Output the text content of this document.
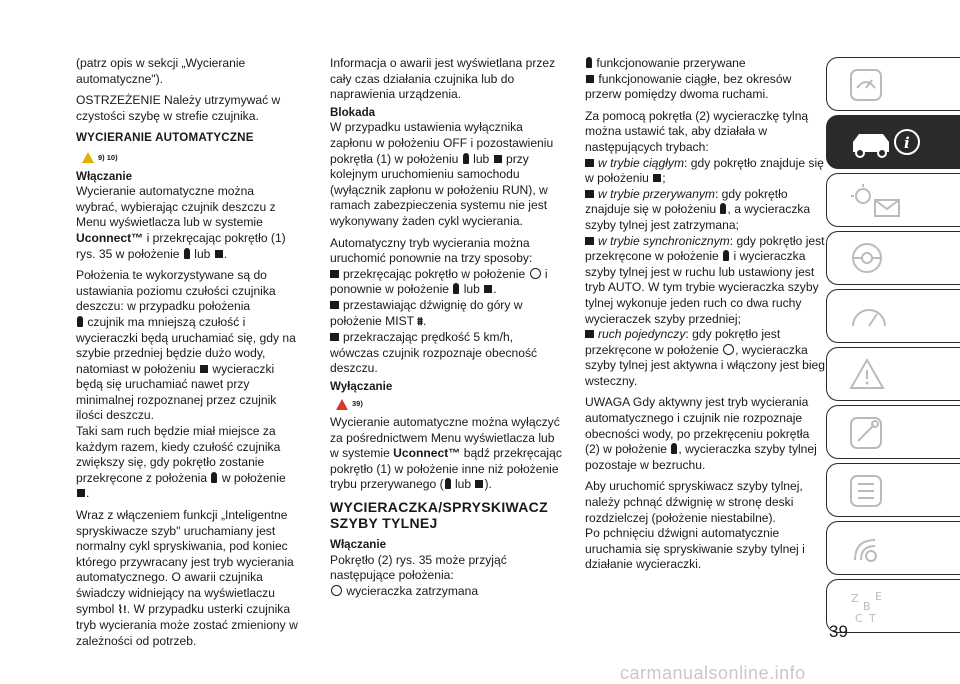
(patrz opis w sekcji „Wycieranie automatyczne").

OSTRZEŻENIE Należy utrzymywać w czystości szybę w strefie czujnika.

WYCIERANIE AUTOMATYCZNE
9) 10)
Włączanie

Wycieranie automatyczne można wybrać, wybierając czujnik deszczu z Menu wyświetlacza lub w systemie Uconnect™ i przekręcając pokrętło (1) rys. 35 w położenie  lub .

Położenia te wykorzystywane są do ustawiania poziomu czułości czujnika deszczu: w przypadku położenia
czujnik ma mniejszą czułość i wycieraczki będą uruchamiać się, gdy na szybie przedniej będzie dużo wody, natomiast w położeniu  wycieraczki będą się uruchamiać nawet przy minimalnej rozpoznanej przez czujnik ilości deszczu.

Taki sam ruch będzie miał miejsce za każdym razem, kiedy czułość czujnika zwiększy się, gdy pokrętło zostanie przekręcone z położenia  w położenie .

Wraz z włączeniem funkcji „Inteligentne spryskiwacze szyb" uruchamiany jest normalny cykl spryskiwania, pod koniec którego przywracany jest tryb wycierania automatycznego. O awarii czujnika świadczy widniejący na wyświetlaczu symbol ⌇!. W przypadku usterki czujnika tryb wycierania może zostać zmieniony w zależności od potrzeb.

Informacja o awarii jest wyświetlana przez cały czas działania czujnika lub do naprawienia urządzenia.

Blokada

W przypadku ustawienia wyłącznika zapłonu w położeniu OFF i pozostawieniu pokrętła (1) w położeniu  lub  przy kolejnym uruchomieniu samochodu (wyłącznik zapłonu w położeniu RUN), w ramach zabezpieczenia systemu nie jest wykonywany żaden cykl wycierania.

Automatyczny tryb wycierania można uruchomić ponownie na trzy sposoby:

przekręcając pokrętło w położenie  i ponownie w położenie  lub .
przestawiając dźwignię do góry w położenie MIST ⩩.
przekraczając prędkość 5 km/h, wówczas czujnik rozpoznaje obecność deszczu.
Wyłączanie
39)

Wycieranie automatyczne można wyłączyć za pośrednictwem Menu wyświetlacza lub w systemie Uconnect™ bądź przekręcając pokrętło (1) w położenie inne niż położenie trybu przerywanego ( lub ).

WYCIERACZKA/SPRYSKIWACZ SZYBY TYLNEJ
Włączanie

Pokrętło (2) rys. 35 może przyjąć następujące położenia:

wycieraczka zatrzymana
funkcjonowanie przerywane

funkcjonowanie ciągłe, bez okresów przerw pomiędzy dwoma ruchami.

Za pomocą pokrętła (2) wycieraczkę tylną można ustawić tak, aby działała w następujących trybach:

w trybie ciągłym: gdy pokrętło znajduje się w położeniu ;
w trybie przerywanym: gdy pokrętło znajduje się w położeniu , a wycieraczka szyby tylnej jest zatrzymana;
w trybie synchronicznym: gdy pokrętło jest przekręcone w położenie  i wycieraczka szyby tylnej jest w ruchu lub ustawiony jest tryb AUTO. W tym trybie wycieraczka szyby tylnej wykonuje jeden ruch co dwa ruchy wycieraczek szyby przedniej;

ruch pojedynczy: gdy pokrętło jest przekręcone w położenie , wycieraczka szyby tylnej jest aktywna i włączony jest bieg wsteczny.

UWAGA Gdy aktywny jest tryb wycierania automatycznego i czujnik nie rozpoznaje obecności wody, po przekręceniu pokrętła (2) w położenie , wycieraczka szyby tylnej pozostaje w bezruchu.

Aby uruchomić spryskiwacz szyby tylnej, należy pchnąć dźwignię w stronę deski rozdzielczej (położenie niestabilne).

Po pchnięciu dźwigni automatycznie uruchamia się spryskiwanie szyby tylnej i działanie wycieraczki.

i
Z
B
E
C T
39
carmanualsonline.info
